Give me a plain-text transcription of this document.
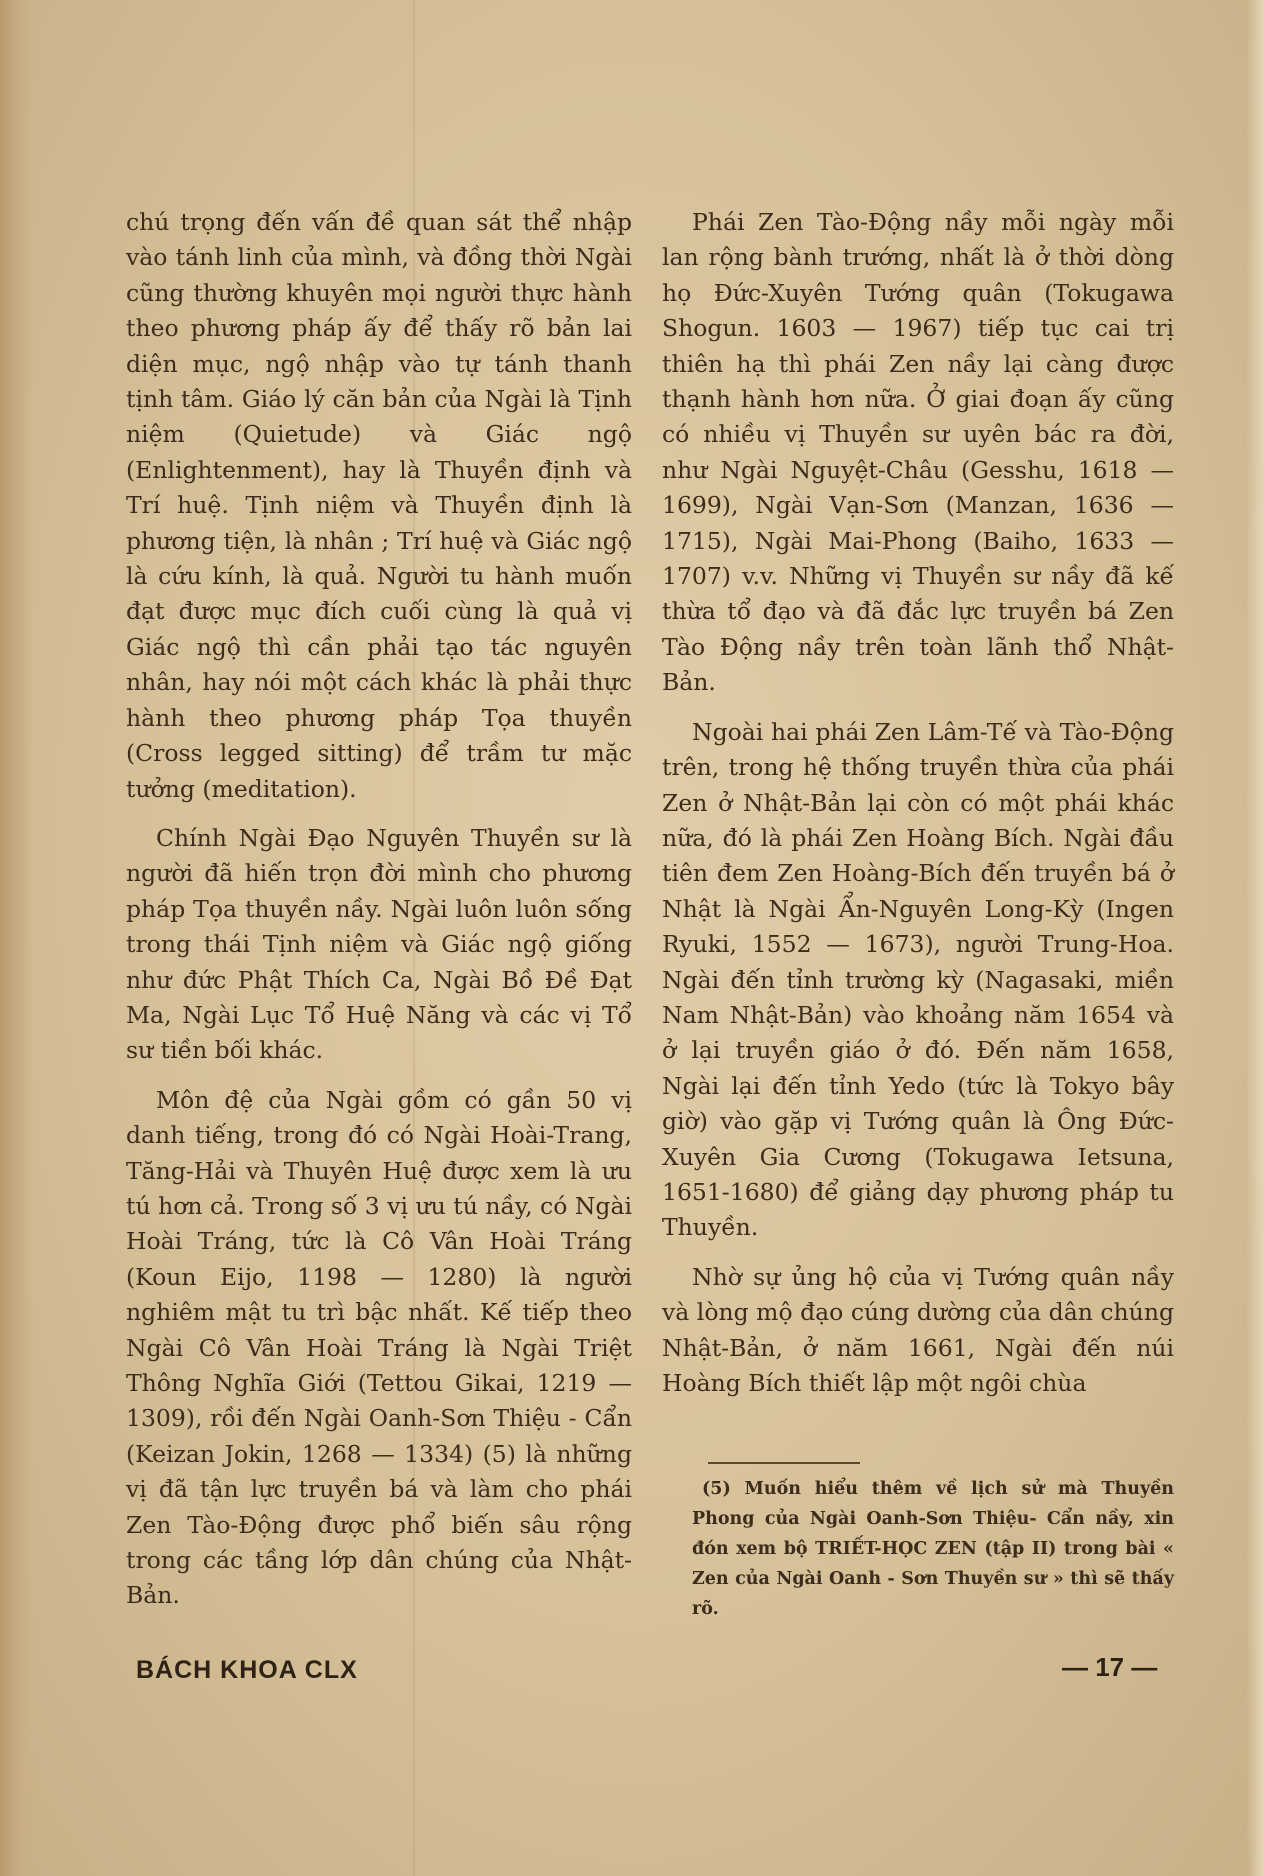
chú trọng đến vấn đề quan sát thể nhập vào tánh linh của mình, và đồng thời Ngài cũng thường khuyên mọi người thực hành theo phương pháp ấy để thấy rõ bản lai diện mục, ngộ nhập vào tự tánh thanh tịnh tâm. Giáo lý căn bản của Ngài là Tịnh niệm (Quietude) và Giác ngộ (Enlightenment), hay là Thuyền định và Trí huệ. Tịnh niệm và Thuyền định là phương tiện, là nhân ; Trí huệ và Giác ngộ là cứu kính, là quả. Người tu hành muốn đạt được mục đích cuối cùng là quả vị Giác ngộ thì cần phải tạo tác nguyên nhân, hay nói một cách khác là phải thực hành theo phương pháp Tọa thuyền (Cross legged sitting) để trầm tư mặc tưởng (meditation).

Chính Ngài Đạo Nguyên Thuyền sư là người đã hiến trọn đời mình cho phương pháp Tọa thuyền nầy. Ngài luôn luôn sống trong thái Tịnh niệm và Giác ngộ giống như đức Phật Thích Ca, Ngài Bồ Đề Đạt Ma, Ngài Lục Tổ Huệ Năng và các vị Tổ sư tiền bối khác.

Môn đệ của Ngài gồm có gần 50 vị danh tiếng, trong đó có Ngài Hoài-Trang, Tăng-Hải và Thuyên Huệ được xem là ưu tú hơn cả. Trong số 3 vị ưu tú nầy, có Ngài Hoài Tráng, tức là Cô Vân Hoài Tráng (Koun Eijo, 1198 — 1280) là người nghiêm mật tu trì bậc nhất. Kế tiếp theo Ngài Cô Vân Hoài Tráng là Ngài Triệt Thông Nghĩa Giới (Tettou Gikai, 1219 — 1309), rồi đến Ngài Oanh-Sơn Thiệu - Cẩn (Keizan Jokin, 1268 — 1334) (5) là những vị đã tận lực truyền bá và làm cho phái Zen Tào-Động được phổ biến sâu rộng trong các tầng lớp dân chúng của Nhật-Bản.

Phái Zen Tào-Động nầy mỗi ngày mỗi lan rộng bành trướng, nhất là ở thời dòng họ Đức-Xuyên Tướng quân (Tokugawa Shogun. 1603 — 1967) tiếp tục cai trị thiên hạ thì phái Zen nầy lại càng được thạnh hành hơn nữa. Ở giai đoạn ấy cũng có nhiều vị Thuyền sư uyên bác ra đời, như Ngài Nguyệt-Châu (Gesshu, 1618 — 1699), Ngài Vạn-Sơn (Manzan, 1636 — 1715), Ngài Mai-Phong (Baiho, 1633 — 1707) v.v. Những vị Thuyền sư nầy đã kế thừa tổ đạo và đã đắc lực truyền bá Zen Tào Động nầy trên toàn lãnh thổ Nhật-Bản.

Ngoài hai phái Zen Lâm-Tế và Tào-Động trên, trong hệ thống truyền thừa của phái Zen ở Nhật-Bản lại còn có một phái khác nữa, đó là phái Zen Hoàng Bích. Ngài đầu tiên đem Zen Hoàng-Bích đến truyền bá ở Nhật là Ngài Ẩn-Nguyên Long-Kỳ (Ingen Ryuki, 1552 — 1673), người Trung-Hoa. Ngài đến tỉnh trường kỳ (Nagasaki, miền Nam Nhật-Bản) vào khoảng năm 1654 và ở lại truyền giáo ở đó. Đến năm 1658, Ngài lại đến tỉnh Yedo (tức là Tokyo bây giờ) vào gặp vị Tướng quân là Ông Đức-Xuyên Gia Cương (Tokugawa Ietsuna, 1651-1680) để giảng dạy phương pháp tu Thuyền.

Nhờ sự ủng hộ của vị Tướng quân nầy và lòng mộ đạo cúng dường của dân chúng Nhật-Bản, ở năm 1661, Ngài đến núi Hoàng Bích thiết lập một ngôi chùa

(5) Muốn hiểu thêm về lịch sử mà Thuyền Phong của Ngài Oanh-Sơn Thiệu- Cẩn nầy, xin đón xem bộ TRIẾT-HỌC ZEN (tập II) trong bài « Zen của Ngài Oanh - Sơn Thuyền sư » thì sẽ thấy rõ.
BÁCH KHOA CLX	— 17 —
